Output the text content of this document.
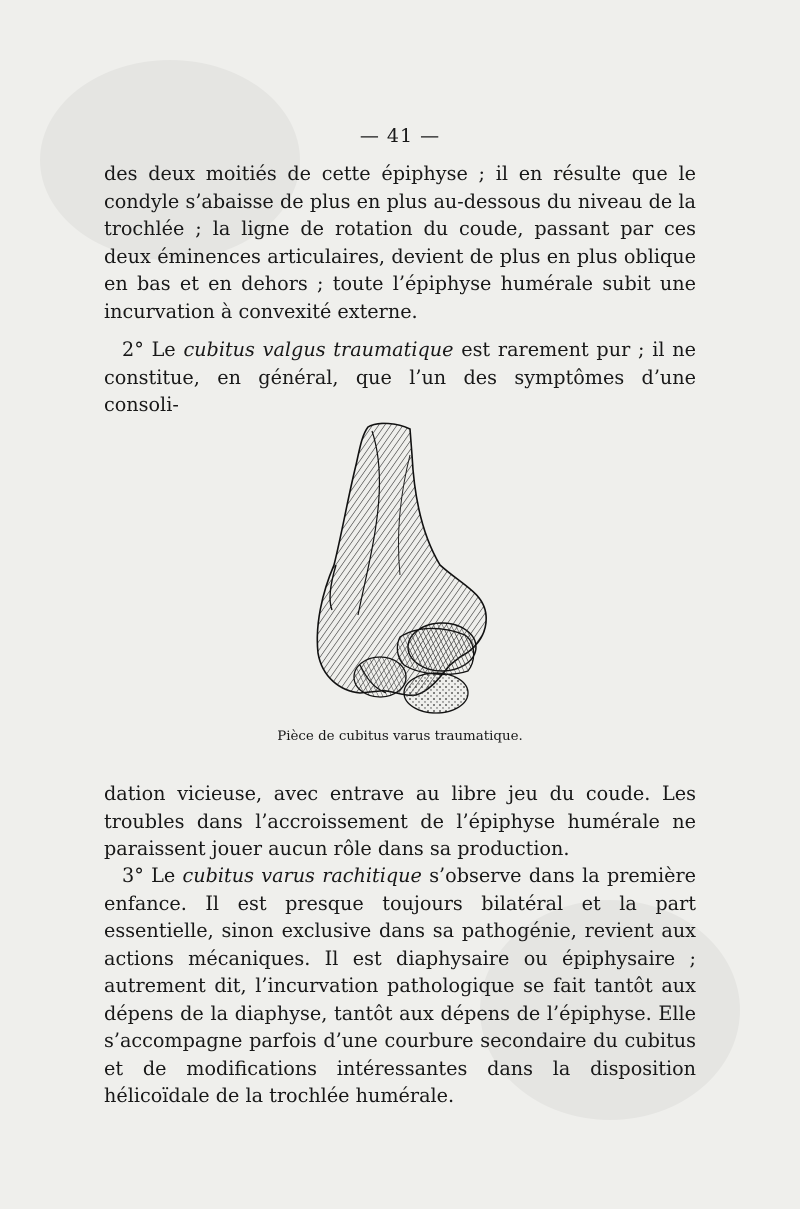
— 41 —

des deux moitiés de cette épiphyse ; il en résulte que le condyle s’abaisse de plus en plus au-dessous du niveau de la trochlée ; la ligne de rotation du coude, passant par ces deux éminences articulaires, devient de plus en plus oblique en bas et en dehors ; toute l’épiphyse humérale subit une incurvation à convexité externe.

2° Le cubitus valgus traumatique est rarement pur ; il ne constitue, en général, que l’un des symptômes d’une consoli-

Pièce de cubitus varus traumatique.

dation vicieuse, avec entrave au libre jeu du coude. Les troubles dans l’accroissement de l’épiphyse humérale ne paraissent jouer aucun rôle dans sa production.

3° Le cubitus varus rachitique s’observe dans la première enfance. Il est presque toujours bilatéral et la part essentielle, sinon exclusive dans sa pathogénie, revient aux actions mécaniques. Il est diaphysaire ou épiphysaire ; autrement dit, l’incurvation pathologique se fait tantôt aux dépens de la diaphyse, tantôt aux dépens de l’épiphyse. Elle s’accompagne parfois d’une courbure secondaire du cubitus et de modifications intéressantes dans la disposition hélicoïdale de la trochlée humérale.
